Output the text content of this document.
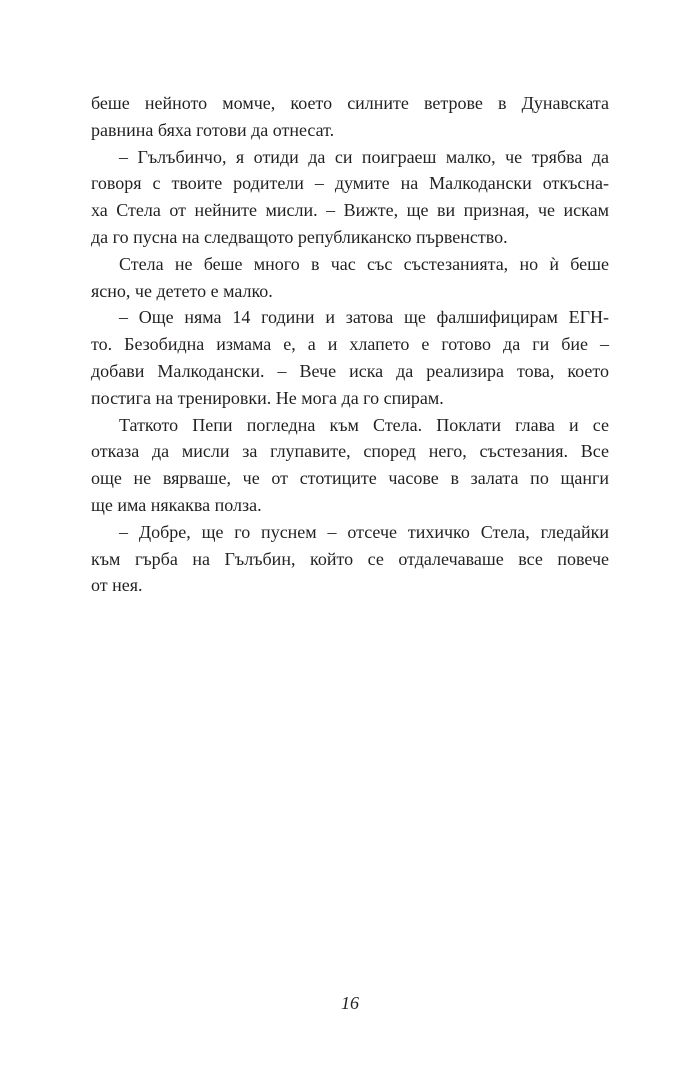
беше нейното момче, което силните ветрове в Дунавската
равнина бяха готови да отнесат.
– Гълъбинчо, я отиди да си поиграеш малко, че трябва да
говоря с твоите родители – думите на Малкодански откъсна-
ха Стела от нейните мисли. – Вижте, ще ви призная, че искам
да го пусна на следващото републиканско първенство.
Стела не беше много в час със състезанията, но ѝ беше
ясно, че детето е малко.
– Още няма 14 години и затова ще фалшифицирам ЕГН-
то. Безобидна измама е, а и хлапето е готово да ги бие –
добави Малкодански. – Вече иска да реализира това, което
постига на тренировки. Не мога да го спирам.
Таткото Пепи погледна към Стела. Поклати глава и се
отказа да мисли за глупавите, според него, състезания. Все
още не вярваше, че от стотиците часове в залата по щанги
ще има някаква полза.
– Добре, ще го пуснем – отсече тихичко Стела, гледайки
към гърба на Гълъбин, който се отдалечаваше все повече
от нея.
16
